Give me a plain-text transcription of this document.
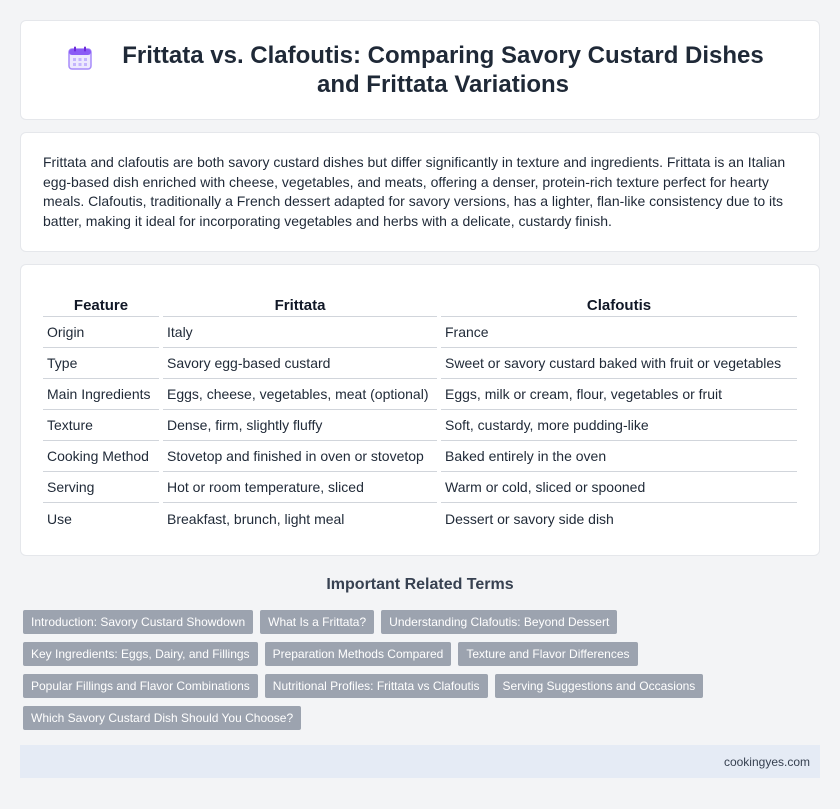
Frittata vs. Clafoutis: Comparing Savory Custard Dishes and Frittata Variations

Frittata and clafoutis are both savory custard dishes but differ significantly in texture and ingredients. Frittata is an Italian egg-based dish enriched with cheese, vegetables, and meats, offering a denser, protein-rich texture perfect for hearty meals. Clafoutis, traditionally a French dessert adapted for savory versions, has a lighter, flan-like consistency due to its batter, making it ideal for incorporating vegetables and herbs with a delicate, custardy finish.

Feature	Frittata	Clafoutis
Origin	Italy	France
Type	Savory egg-based custard	Sweet or savory custard baked with fruit or vegetables
Main Ingredients	Eggs, cheese, vegetables, meat (optional)	Eggs, milk or cream, flour, vegetables or fruit
Texture	Dense, firm, slightly fluffy	Soft, custardy, more pudding-like
Cooking Method	Stovetop and finished in oven or stovetop	Baked entirely in the oven
Serving	Hot or room temperature, sliced	Warm or cold, sliced or spooned
Use	Breakfast, brunch, light meal	Dessert or savory side dish
Important Related Terms
Introduction: Savory Custard Showdown	What Is a Frittata?	Understanding Clafoutis: Beyond Dessert
Key Ingredients: Eggs, Dairy, and Fillings	Preparation Methods Compared	Texture and Flavor Differences
Popular Fillings and Flavor Combinations	Nutritional Profiles: Frittata vs Clafoutis	Serving Suggestions and Occasions
Which Savory Custard Dish Should You Choose?
cookingyes.com
